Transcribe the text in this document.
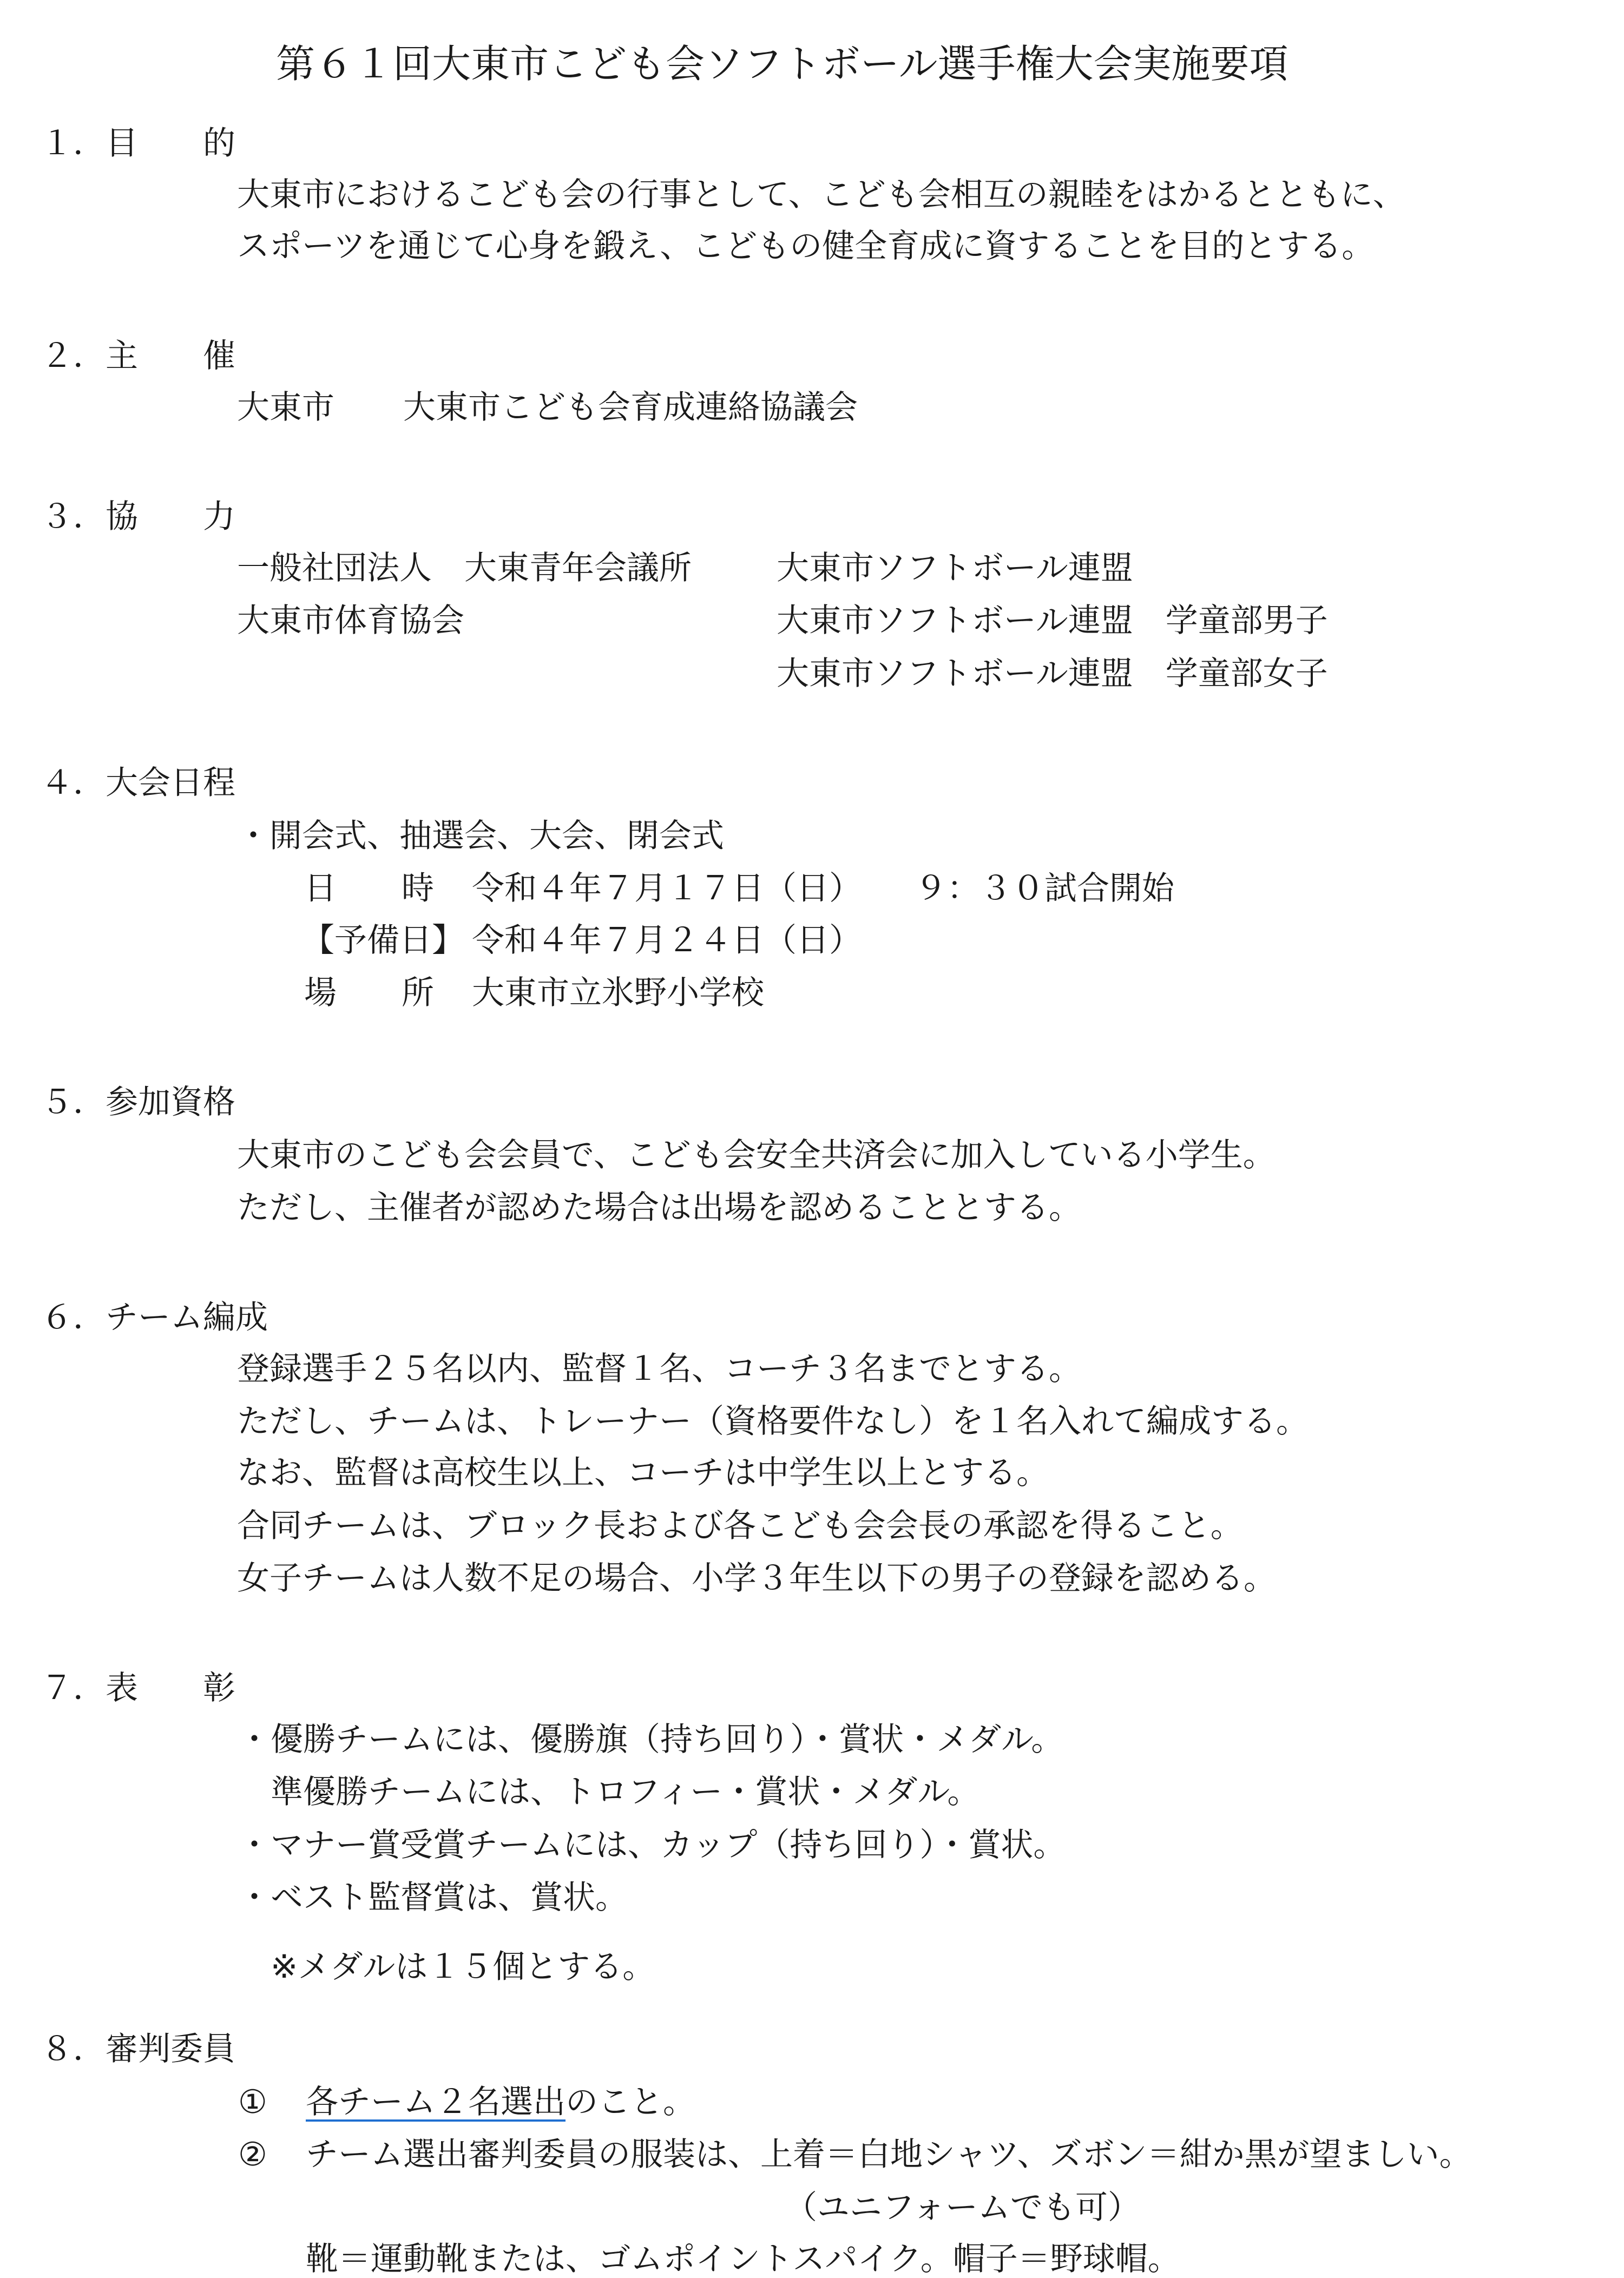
第６１回大東市こども会ソフトボール選手権大会実施要項
１．目　　的
大東市におけるこども会の行事として、こども会相互の親睦をはかるとともに、
スポーツを通じて心身を鍛え、こどもの健全育成に資することを目的とする。
２．主　　催
大東市 大東市こども会育成連絡協議会
３．協　　力
一般社団法人　大東青年会議所	大東市ソフトボール連盟
大東市体育協会	大東市ソフトボール連盟　学童部男子
大東市ソフトボール連盟　学童部女子
４．大会日程
・開会式、抽選会、大会、閉会式
日　　時 令和４年７月１７日（日） ９：３０試合開始
【予備日】 令和４年７月２４日（日）
場　　所 大東市立氷野小学校
５．参加資格
大東市のこども会会員で、こども会安全共済会に加入している小学生。
ただし、主催者が認めた場合は出場を認めることとする。
６．チーム編成
登録選手２５名以内、監督１名、コーチ３名までとする。
ただし、チームは、トレーナー（資格要件なし）を１名入れて編成する。
なお、監督は高校生以上、コーチは中学生以上とする。
合同チームは、ブロック長および各こども会会長の承認を得ること。
女子チームは人数不足の場合、小学３年生以下の男子の登録を認める。
７．表　　彰
・優勝チームには、優勝旗（持ち回り）・賞状・メダル。
準優勝チームには、トロフィー・賞状・メダル。
・マナー賞受賞チームには、カップ（持ち回り）・賞状。
・ベスト監督賞は、賞状。
※メダルは１５個とする。
８．審判委員
① 各チーム２名選出のこと。
② チーム選出審判委員の服装は、上着＝白地シャツ、ズボン＝紺か黒が望ましい。
（ユニフォームでも可）
靴＝運動靴または、ゴムポイントスパイク。帽子＝野球帽。
